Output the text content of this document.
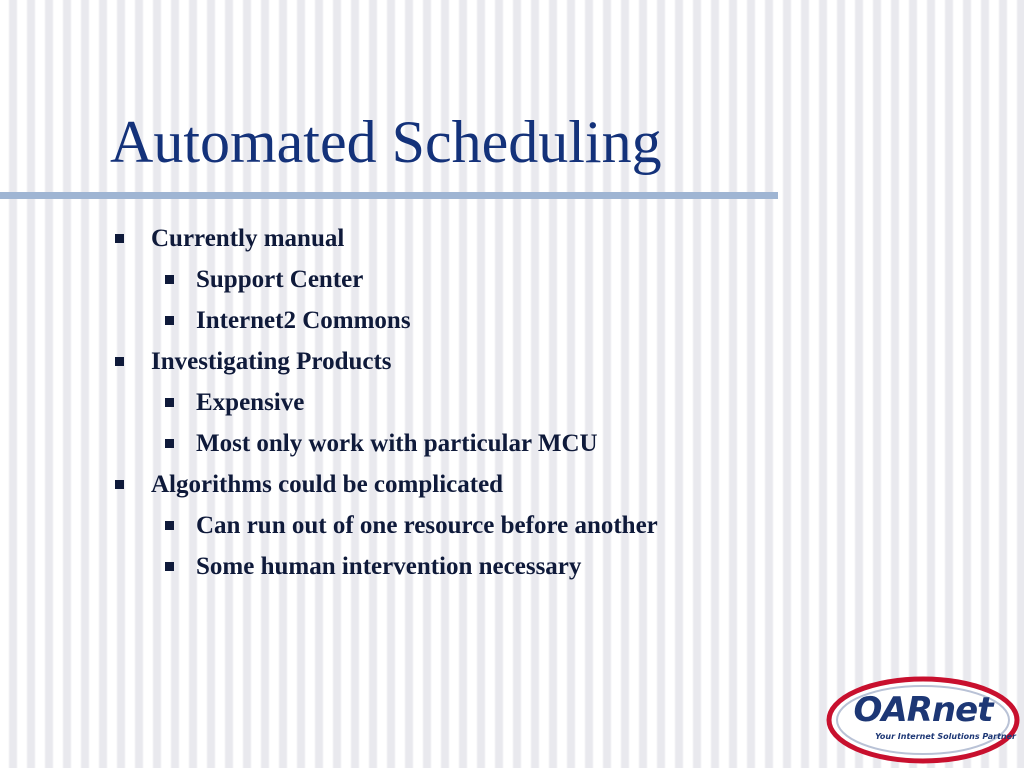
Automated Scheduling
Currently manual
Support Center
Internet2 Commons
Investigating Products
Expensive
Most only work with particular MCU
Algorithms could be complicated
Can run out of one resource before another
Some human intervention necessary
OARnet
Your Internet Solutions Partner
